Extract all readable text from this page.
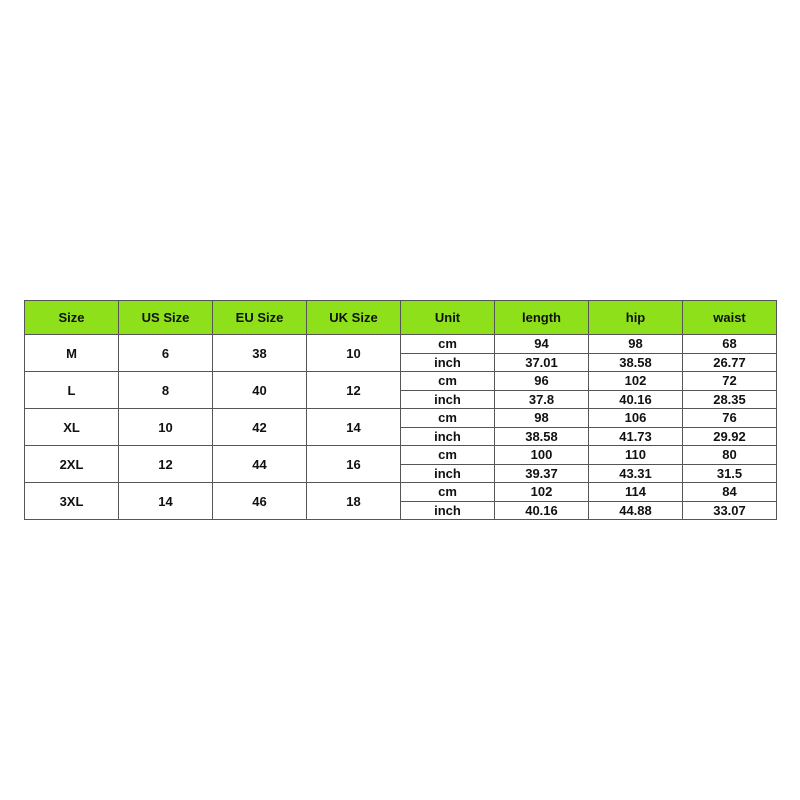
Size	US Size	EU Size	UK Size	Unit	length	hip	waist
M	6	38	10	cm	94	98	68
				inch	37.01	38.58	26.77
L	8	40	12	cm	96	102	72
				inch	37.8	40.16	28.35
XL	10	42	14	cm	98	106	76
				inch	38.58	41.73	29.92
2XL	12	44	16	cm	100	110	80
				inch	39.37	43.31	31.5
3XL	14	46	18	cm	102	114	84
				inch	40.16	44.88	33.07
